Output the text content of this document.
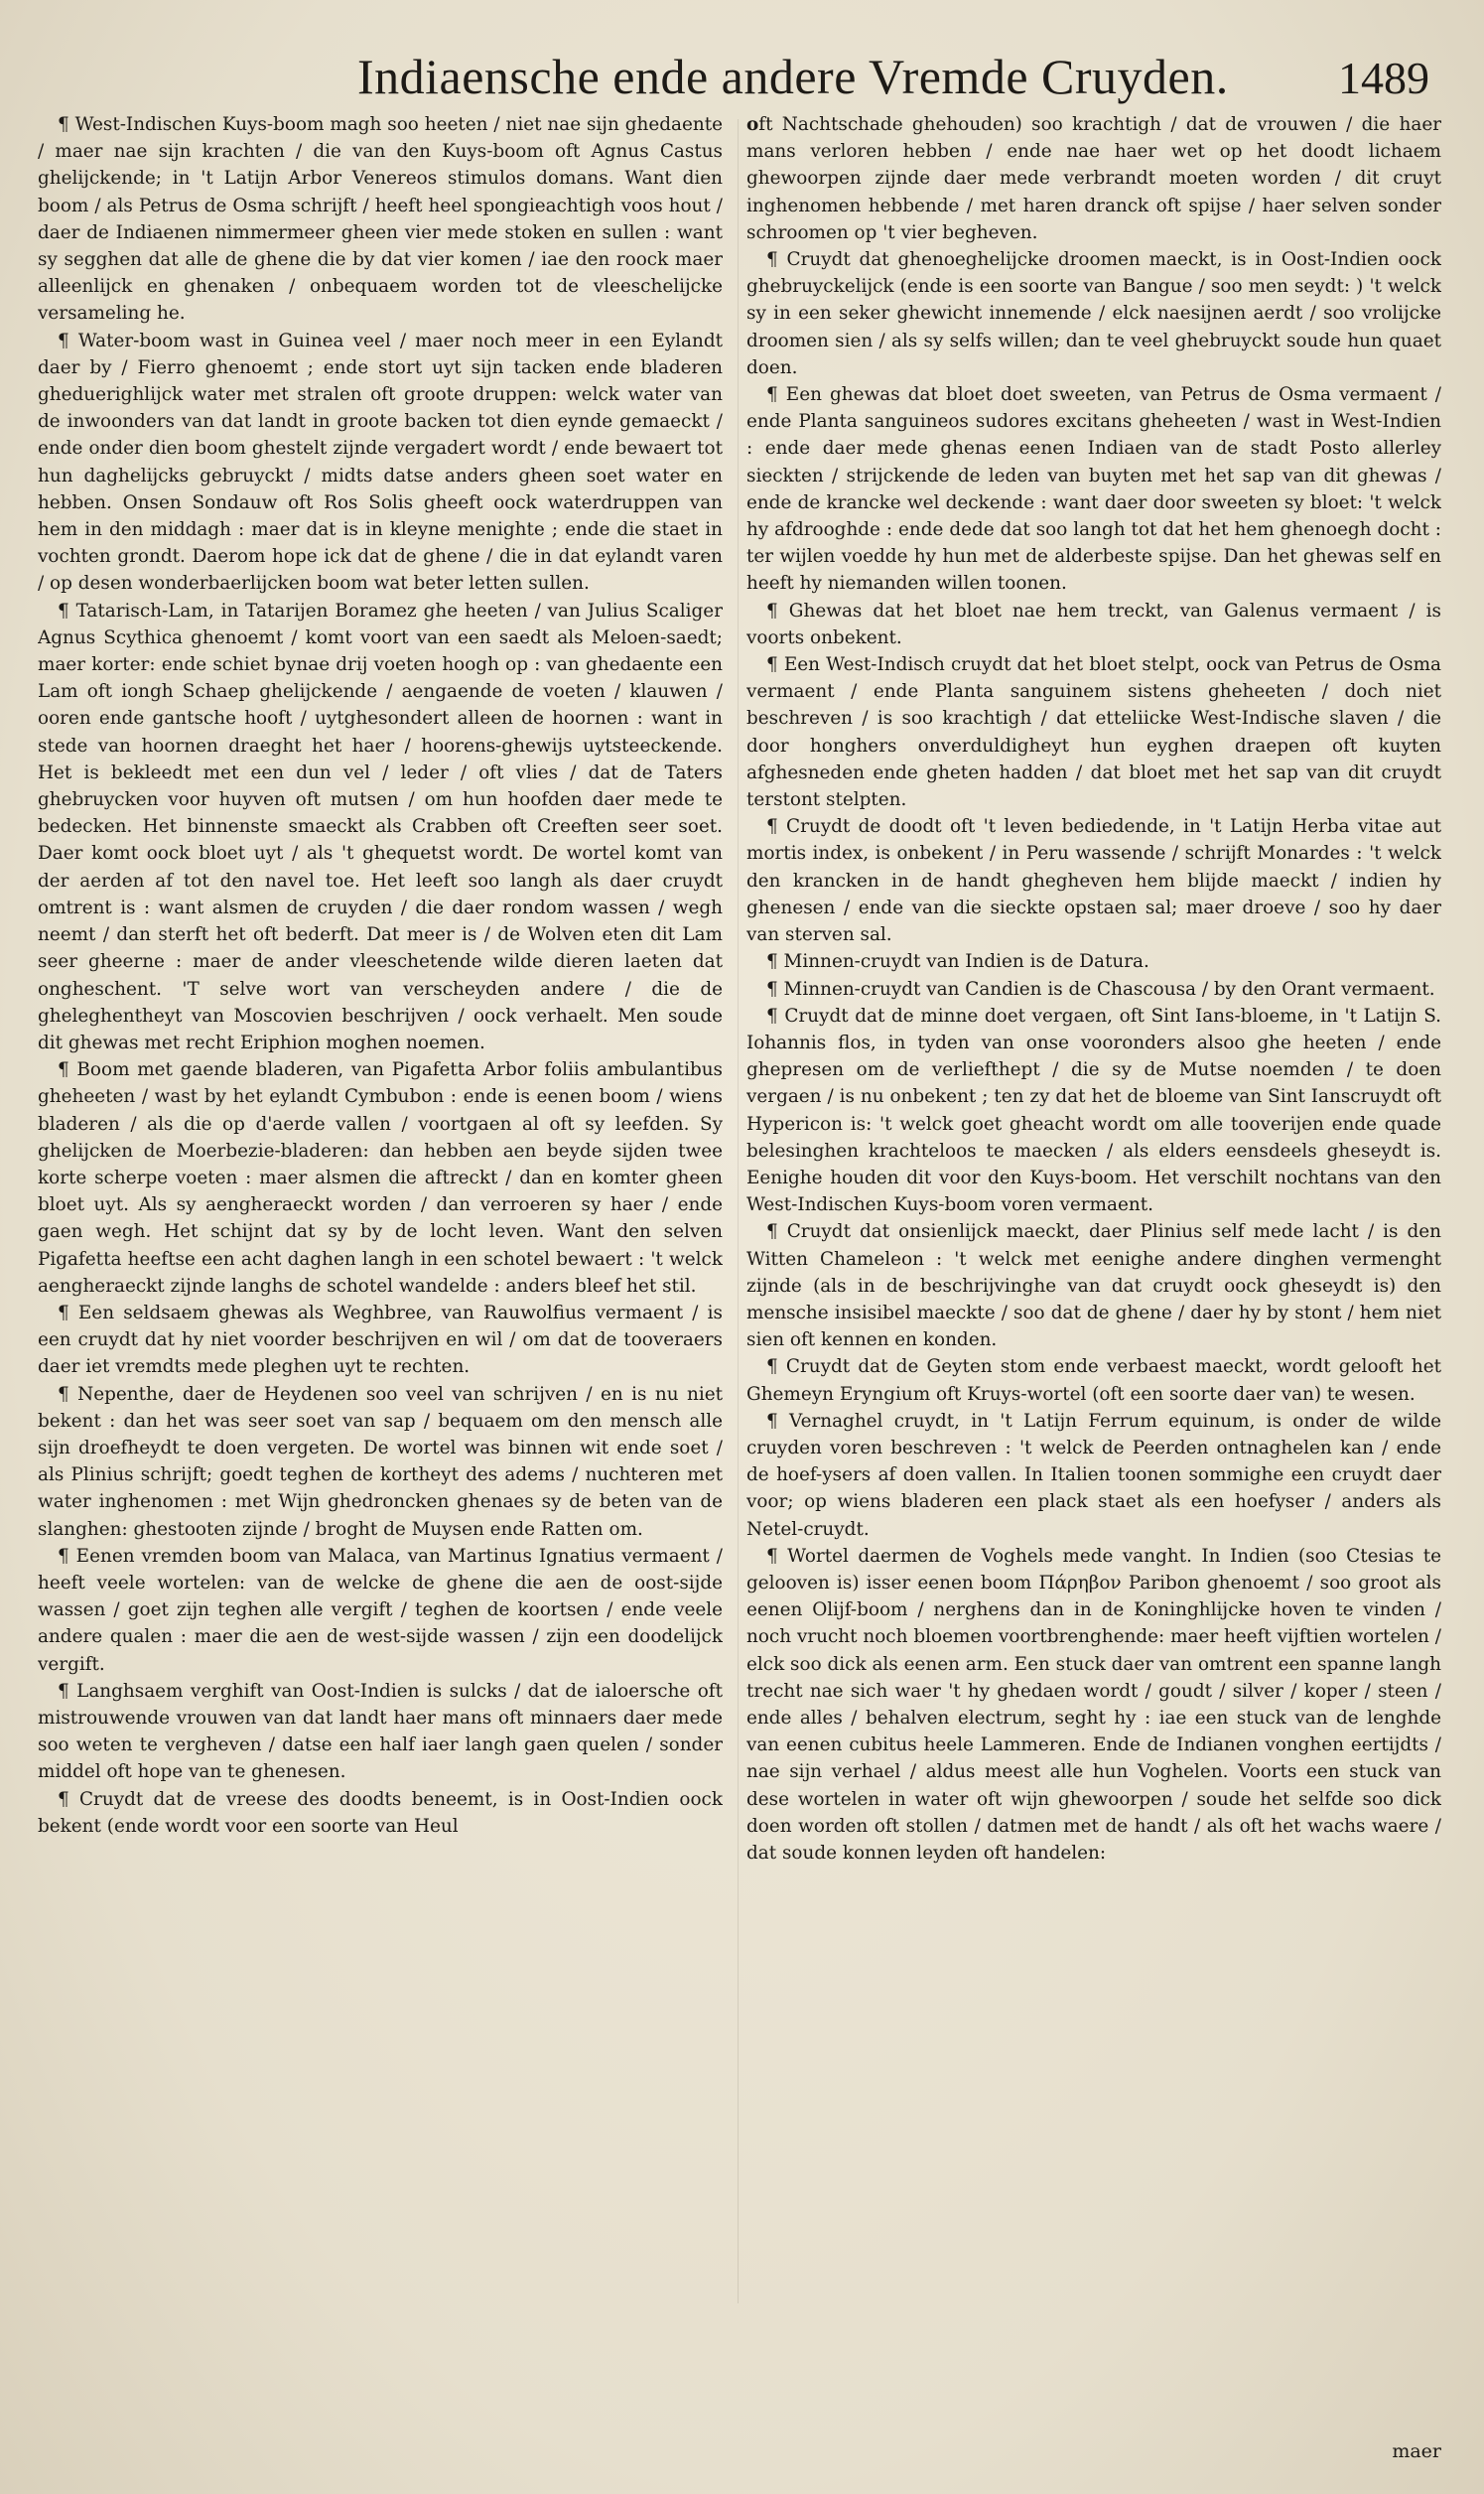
Indiaensche ende andere Vremde Cruyden. 1489

¶ West-Indischen Kuys-boom magh soo heeten / niet nae sijn ghedaente / maer nae sijn krachten / die van den Kuys-boom oft Agnus Castus ghelijckende; in 't Latijn Arbor Venereos stimulos domans. Want dien boom / als Petrus de Osma schrijft / heeft heel spongieachtigh voos hout / daer de Indiaenen nimmermeer gheen vier mede stoken en sullen : want sy segghen dat alle de ghene die by dat vier komen / iae den roock maer alleenlijck en ghenaken / onbequaem worden tot de vleeschelijcke versameling he.

¶ Water-boom wast in Guinea veel / maer noch meer in een Eylandt daer by / Fierro ghenoemt ; ende stort uyt sijn tacken ende bladeren gheduerighlijck water met stralen oft groote druppen: welck water van de inwoonders van dat landt in groote backen tot dien eynde gemaeckt / ende onder dien boom ghestelt zijnde vergadert wordt / ende bewaert tot hun daghelijcks gebruyckt / midts datse anders gheen soet water en hebben. Onsen Sondauw oft Ros Solis gheeft oock waterdruppen van hem in den middagh : maer dat is in kleyne menighte ; ende die staet in vochten grondt. Daerom hope ick dat de ghene / die in dat eylandt varen / op desen wonderbaerlijcken boom wat beter letten sullen.

¶ Tatarisch-Lam, in Tatarijen Boramez ghe heeten / van Julius Scaliger Agnus Scythica ghenoemt / komt voort van een saedt als Meloen-saedt; maer korter: ende schiet bynae drij voeten hoogh op : van ghedaente een Lam oft iongh Schaep ghelijckende / aengaende de voeten / klauwen / ooren ende gantsche hooft / uytghesondert alleen de hoornen : want in stede van hoornen draeght het haer / hoorens-ghewijs uytsteeckende. Het is bekleedt met een dun vel / leder / oft vlies / dat de Taters ghebruycken voor huyven oft mutsen / om hun hoofden daer mede te bedecken. Het binnenste smaeckt als Crabben oft Creeften seer soet. Daer komt oock bloet uyt / als 't ghequetst wordt. De wortel komt van der aerden af tot den navel toe. Het leeft soo langh als daer cruydt omtrent is : want alsmen de cruyden / die daer rondom wassen / wegh neemt / dan sterft het oft bederft. Dat meer is / de Wolven eten dit Lam seer gheerne : maer de ander vleeschetende wilde dieren laeten dat ongheschent. 'T selve wort van verscheyden andere / die de gheleghentheyt van Moscovien beschrijven / oock verhaelt. Men soude dit ghewas met recht Eriphion moghen noemen.

¶ Boom met gaende bladeren, van Pigafetta Arbor foliis ambulantibus gheheeten / wast by het eylandt Cymbubon : ende is eenen boom / wiens bladeren / als die op d'aerde vallen / voortgaen al oft sy leefden. Sy ghelijcken de Moerbezie-bladeren: dan hebben aen beyde sijden twee korte scherpe voeten : maer alsmen die aftreckt / dan en komter gheen bloet uyt. Als sy aengheraeckt worden / dan verroeren sy haer / ende gaen wegh. Het schijnt dat sy by de locht leven. Want den selven Pigafetta heeftse een acht daghen langh in een schotel bewaert : 't welck aengheraeckt zijnde langhs de schotel wandelde : anders bleef het stil.

¶ Een seldsaem ghewas als Weghbree, van Rauwolfius vermaent / is een cruydt dat hy niet voorder beschrijven en wil / om dat de tooveraers daer iet vremdts mede pleghen uyt te rechten.

¶ Nepenthe, daer de Heydenen soo veel van schrijven / en is nu niet bekent : dan het was seer soet van sap / bequaem om den mensch alle sijn droefheydt te doen vergeten. De wortel was binnen wit ende soet / als Plinius schrijft; goedt teghen de kortheyt des adems / nuchteren met water inghenomen : met Wijn ghedroncken ghenaes sy de beten van de slanghen: ghestooten zijnde / broght de Muysen ende Ratten om.

¶ Eenen vremden boom van Malaca, van Martinus Ignatius vermaent / heeft veele wortelen: van de welcke de ghene die aen de oost-sijde wassen / goet zijn teghen alle vergift / teghen de koortsen / ende veele andere qualen : maer die aen de west-sijde wassen / zijn een doodelijck vergift.

¶ Langhsaem verghift van Oost-Indien is sulcks / dat de ialoersche oft mistrouwende vrouwen van dat landt haer mans oft minnaers daer mede soo weten te vergheven / datse een half iaer langh gaen quelen / sonder middel oft hope van te ghenesen.

¶ Cruydt dat de vreese des doodts beneemt, is in Oost-Indien oock bekent (ende wordt voor een soorte van Heul

oft Nachtschade ghehouden) soo krachtigh / dat de vrouwen / die haer mans verloren hebben / ende nae haer wet op het doodt lichaem ghewoorpen zijnde daer mede verbrandt moeten worden / dit cruyt inghenomen hebbende / met haren dranck oft spijse / haer selven sonder schroomen op 't vier begheven.

¶ Cruydt dat ghenoeghelijcke droomen maeckt, is in Oost-Indien oock ghebruyckelijck (ende is een soorte van Bangue / soo men seydt: ) 't welck sy in een seker ghewicht innemende / elck naesijnen aerdt / soo vrolijcke droomen sien / als sy selfs willen; dan te veel ghebruyckt soude hun quaet doen.

¶ Een ghewas dat bloet doet sweeten, van Petrus de Osma vermaent / ende Planta sanguineos sudores excitans gheheeten / wast in West-Indien : ende daer mede ghenas eenen Indiaen van de stadt Posto allerley sieckten / strijckende de leden van buyten met het sap van dit ghewas / ende de krancke wel deckende : want daer door sweeten sy bloet: 't welck hy afdrooghde : ende dede dat soo langh tot dat het hem ghenoegh docht : ter wijlen voedde hy hun met de alderbeste spijse. Dan het ghewas self en heeft hy niemanden willen toonen.

¶ Ghewas dat het bloet nae hem treckt, van Galenus vermaent / is voorts onbekent.

¶ Een West-Indisch cruydt dat het bloet stelpt, oock van Petrus de Osma vermaent / ende Planta sanguinem sistens gheheeten / doch niet beschreven / is soo krachtigh / dat etteliicke West-Indische slaven / die door honghers onverduldigheyt hun eyghen draepen oft kuyten afghesneden ende gheten hadden / dat bloet met het sap van dit cruydt terstont stelpten.

¶ Cruydt de doodt oft 't leven bediedende, in 't Latijn Herba vitae aut mortis index, is onbekent / in Peru wassende / schrijft Monardes : 't welck den krancken in de handt ghegheven hem blijde maeckt / indien hy ghenesen / ende van die sieckte opstaen sal; maer droeve / soo hy daer van sterven sal.

¶ Minnen-cruydt van Indien is de Datura.

¶ Minnen-cruydt van Candien is de Chascousa / by den Orant vermaent.

¶ Cruydt dat de minne doet vergaen, oft Sint Ians-bloeme, in 't Latijn S. Iohannis flos, in tyden van onse vooronders alsoo ghe heeten / ende ghepresen om de verliefthept / die sy de Mutse noemden / te doen vergaen / is nu onbekent ; ten zy dat het de bloeme van Sint Ianscruydt oft Hypericon is: 't welck goet gheacht wordt om alle tooverijen ende quade belesinghen krachteloos te maecken / als elders eensdeels gheseydt is. Eenighe houden dit voor den Kuys-boom. Het verschilt nochtans van den West-Indischen Kuys-boom voren vermaent.

¶ Cruydt dat onsienlijck maeckt, daer Plinius self mede lacht / is den Witten Chameleon : 't welck met eenighe andere dinghen vermenght zijnde (als in de beschrijvinghe van dat cruydt oock gheseydt is) den mensche insisibel maeckte / soo dat de ghene / daer hy by stont / hem niet sien oft kennen en konden.

¶ Cruydt dat de Geyten stom ende verbaest maeckt, wordt gelooft het Ghemeyn Eryngium oft Kruys-wortel (oft een soorte daer van) te wesen.

¶ Vernaghel cruydt, in 't Latijn Ferrum equinum, is onder de wilde cruyden voren beschreven : 't welck de Peerden ontnaghelen kan / ende de hoef-ysers af doen vallen. In Italien toonen sommighe een cruydt daer voor; op wiens bladeren een plack staet als een hoefyser / anders als Netel-cruydt.

¶ Wortel daermen de Voghels mede vanght. In Indien (soo Ctesias te gelooven is) isser eenen boom Πάρηβον Paribon ghenoemt / soo groot als eenen Olijf-boom / nerghens dan in de Koninghlijcke hoven te vinden / noch vrucht noch bloemen voortbrenghende: maer heeft vijftien wortelen / elck soo dick als eenen arm. Een stuck daer van omtrent een spanne langh trecht nae sich waer 't hy ghedaen wordt / goudt / silver / koper / steen / ende alles / behalven electrum, seght hy : iae een stuck van de lenghde van eenen cubitus heele Lammeren. Ende de Indianen vonghen eertijdts / nae sijn verhael / aldus meest alle hun Voghelen. Voorts een stuck van dese wortelen in water oft wijn ghewoorpen / soude het selfde soo dick doen worden oft stollen / datmen met de handt / als oft het wachs waere / dat soude konnen leyden oft handelen:

maer
